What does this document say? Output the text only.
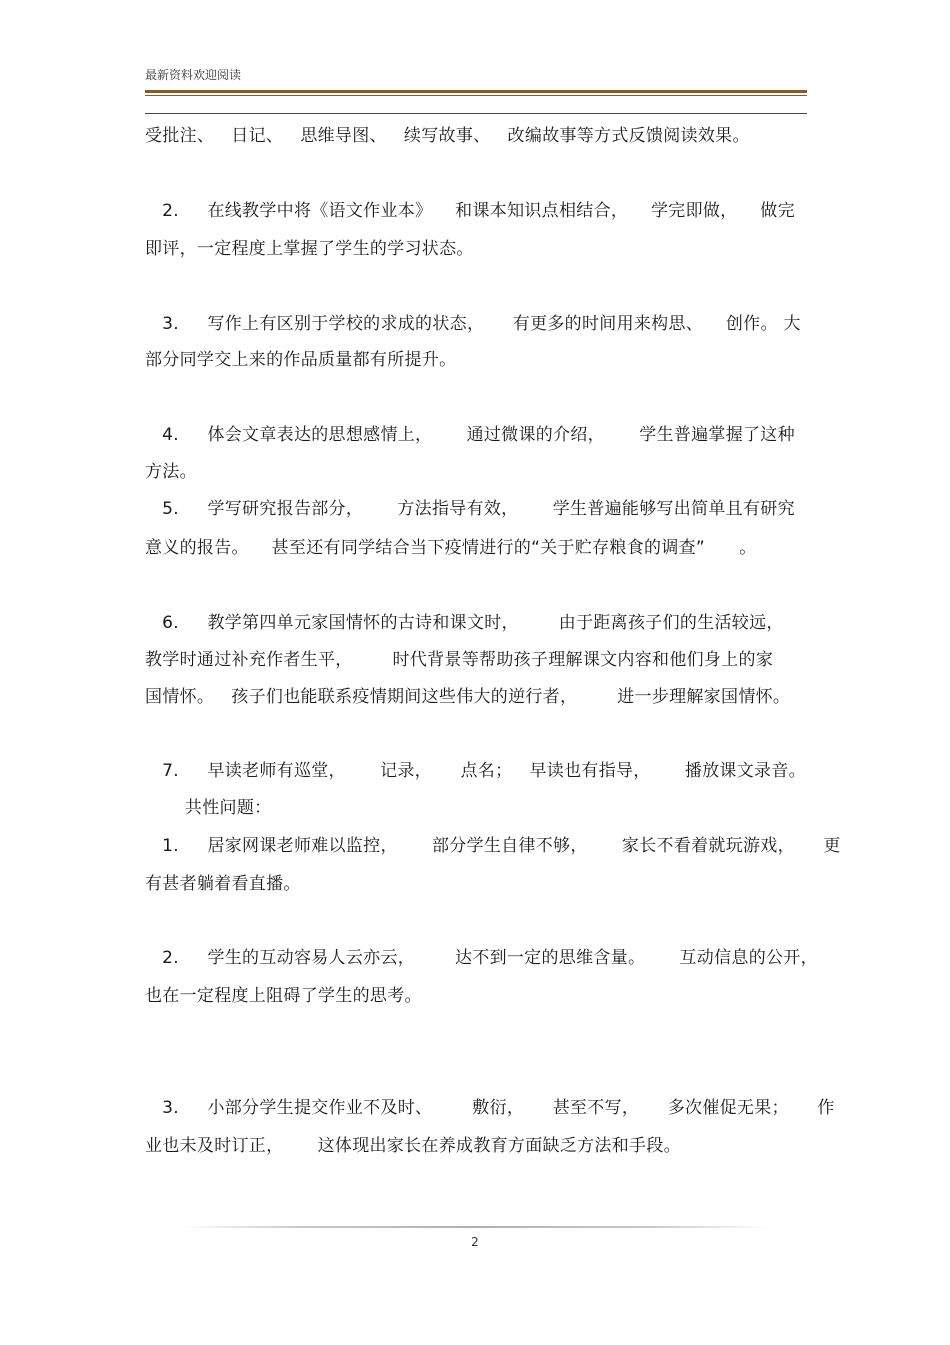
最新资料欢迎阅读
受批注、   日记、   思维导图、   续写故事、   改编故事等方式反馈阅读效果。
2.     在线教学中将《语文作业本》    和课本知识点相结合，    学完即做，    做完
即评，一定程度上掌握了学生的学习状态。
3.     写作上有区别于学校的求成的状态，     有更多的时间用来构思、    创作。 大
部分同学交上来的作品质量都有所提升。
4.     体会文章表达的思想感情上，      通过微课的介绍，      学生普遍掌握了这种
方法。
5.     学写研究报告部分，      方法指导有效，      学生普遍能够写出简单且有研究
意义的报告。    甚至还有同学结合当下疫情进行的“关于贮存粮食的调查”      。
6.     教学第四单元家国情怀的古诗和课文时，       由于距离孩子们的生活较远，
教学时通过补充作者生平，       时代背景等帮助孩子理解课文内容和他们身上的家
国情怀。   孩子们也能联系疫情期间这些伟大的逆行者，       进一步理解家国情怀。
7.     早读老师有巡堂，      记录，     点名；   早读也有指导，      播放课文录音。
共性问题：
1.     居家网课老师难以监控，      部分学生自律不够，      家长不看着就玩游戏，     更
有甚者躺着看直播。
2.     学生的互动容易人云亦云，       达不到一定的思维含量。      互动信息的公开，
也在一定程度上阻碍了学生的思考。
3.     小部分学生提交作业不及时、       敷衍，     甚至不写，     多次催促无果；     作
业也未及时订正，      这体现出家长在养成教育方面缺乏方法和手段。
2
